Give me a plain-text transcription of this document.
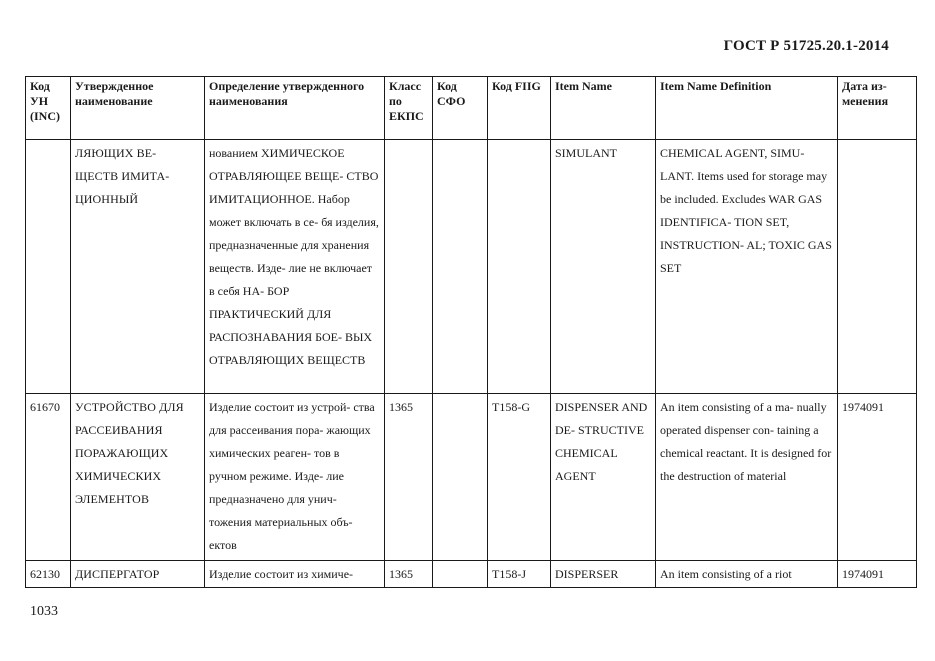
ГОСТ Р 51725.20.1-2014
Код УН (INC)	Утвержденное наименование	Определение утвержденного наименования	Класс по ЕКПС	Код СФО	Код FIIG	Item Name	Item Name Definition	Дата из-менения
	ЛЯЮЩИХ ВЕ- ЩЕСТВ ИМИТА- ЦИОННЫЙ	нованием ХИМИЧЕСКОЕ ОТРАВЛЯЮЩЕЕ ВЕЩЕ- СТВО ИМИТАЦИОННОЕ. Набор может включать в се- бя изделия, предназначенные для хранения веществ. Изде- лие не включает в себя НА- БОР ПРАКТИЧЕСКИЙ ДЛЯ РАСПОЗНАВАНИЯ БОЕ- ВЫХ ОТРАВЛЯЮЩИХ ВЕЩЕСТВ				SIMULANT	CHEMICAL AGENT, SIMU- LANT. Items used for storage may be included. Excludes WAR GAS IDENTIFICA- TION SET, INSTRUCTION- AL; TOXIC GAS SET	
61670	УСТРОЙСТВО ДЛЯ РАССЕИВАНИЯ ПОРАЖАЮЩИХ ХИМИЧЕСКИХ ЭЛЕМЕНТОВ	Изделие состоит из устрой- ства для рассеивания пора- жающих химических реаген- тов в ручном режиме. Изде- лие предназначено для унич- тожения материальных объ- ектов	1365		T158-G	DISPENSER AND DE- STRUCTIVE CHEMICAL AGENT	An item consisting of a ma- nually operated dispenser con- taining a chemical reactant. It is designed for the destruction of material	1974091
62130	ДИСПЕРГАТОР	Изделие состоит из химиче-	1365		T158-J	DISPERSER	An item consisting of a riot	1974091
1033
